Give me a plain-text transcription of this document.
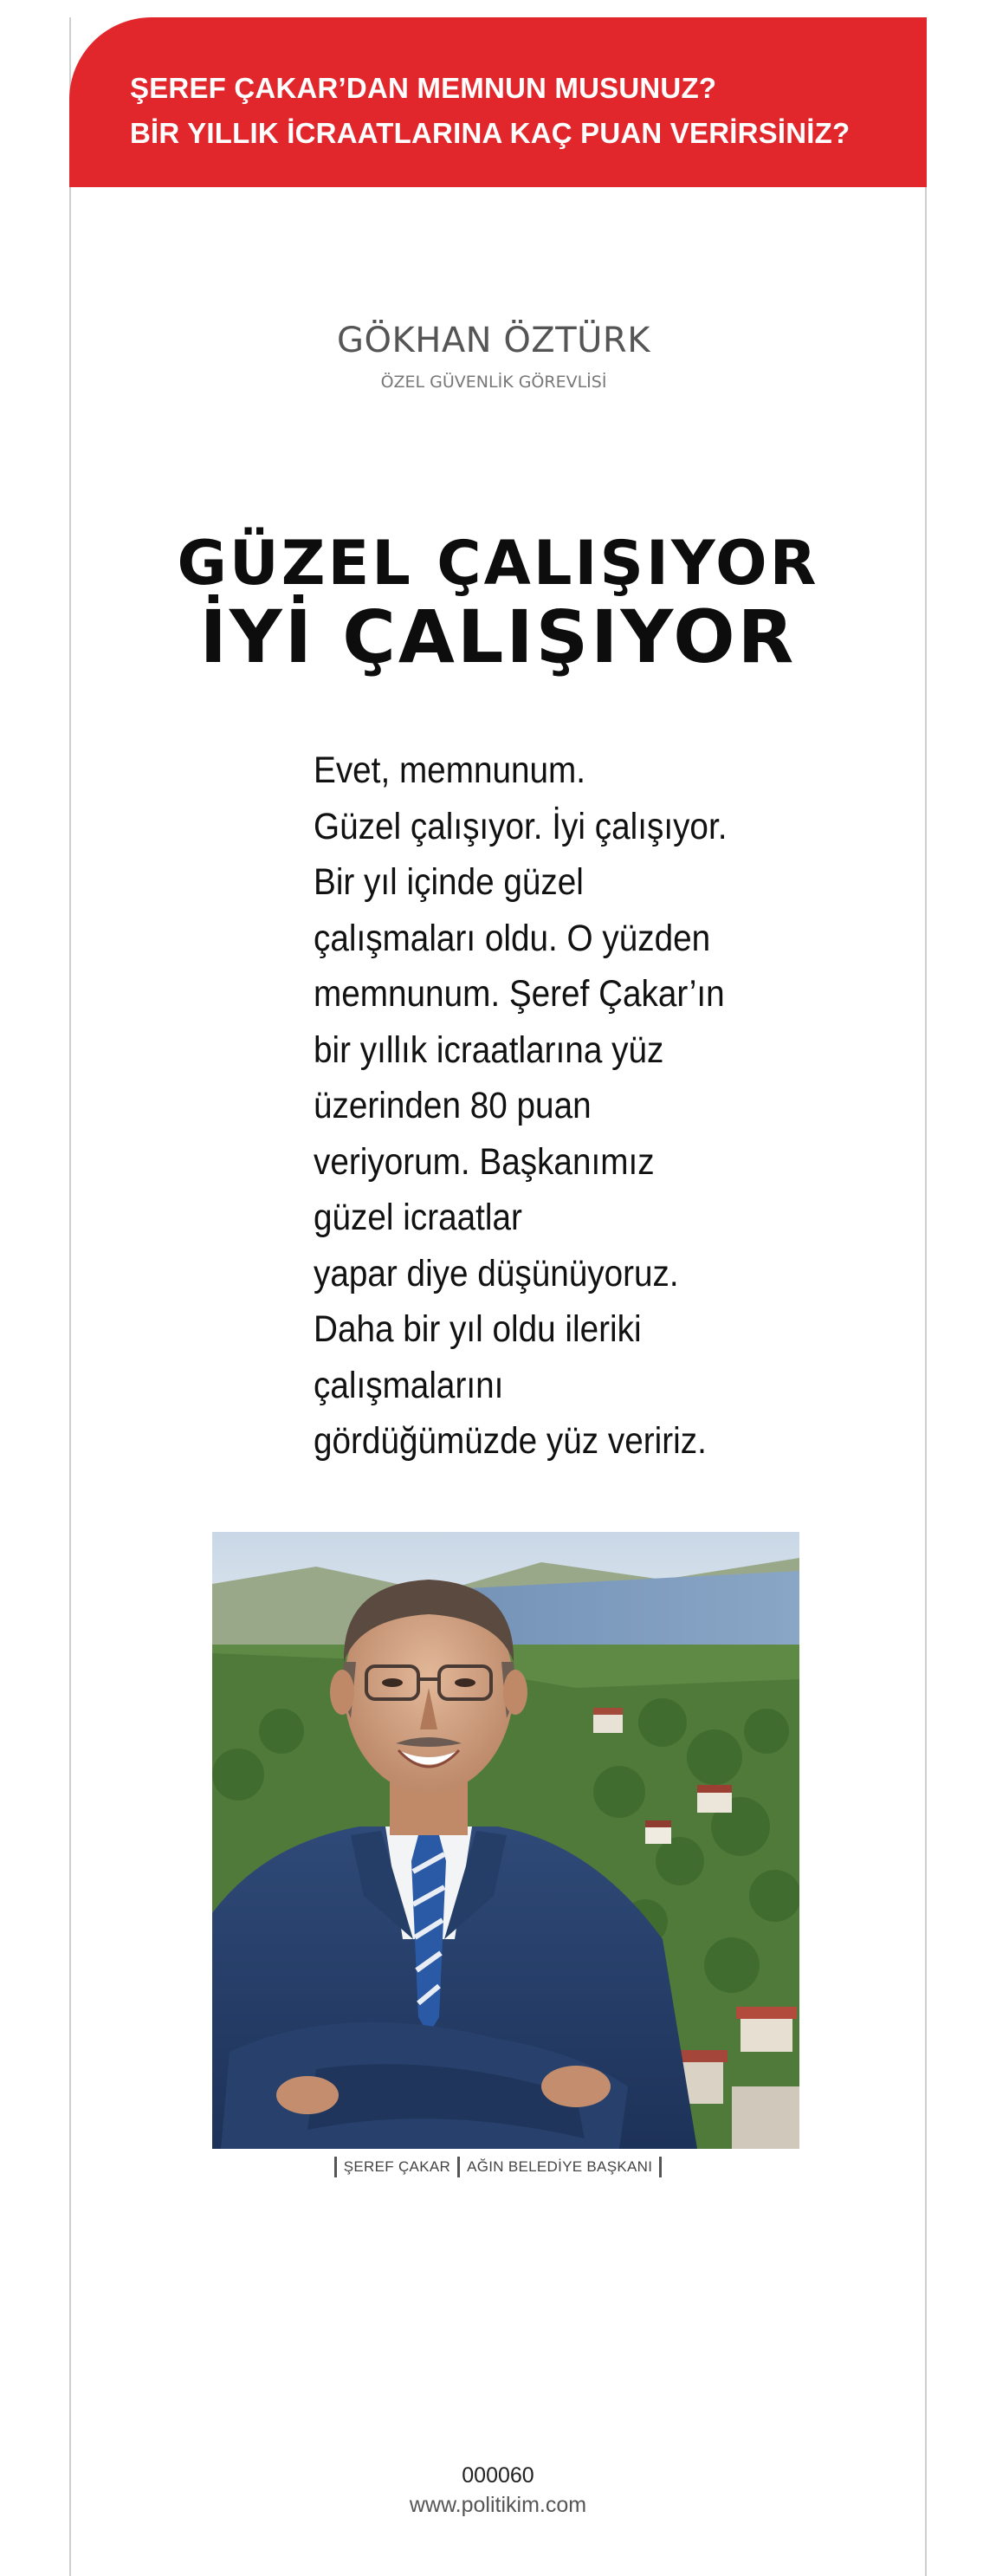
ŞEREF ÇAKAR’DAN MEMNUN MUSUNUZ?
BİR YILLIK İCRAATLARINA KAÇ PUAN VERİRSİNİZ?
GÖKHAN ÖZTÜRK
ÖZEL GÜVENLİK GÖREVLİSİ
GÜZEL ÇALIŞIYOR
İYİ ÇALIŞIYOR
Evet, memnunum.
Güzel çalışıyor. İyi çalışıyor.
Bir yıl içinde güzel
çalışmaları oldu. O yüzden
memnunum. Şeref Çakar’ın
bir yıllık icraatlarına yüz
üzerinden 80 puan
veriyorum. Başkanımız
güzel icraatlar
yapar diye düşünüyoruz.
Daha bir yıl oldu ileriki
çalışmalarını
gördüğümüzde yüz veririz.
ŞEREF ÇAKAR AĞIN BELEDİYE BAŞKANI
000060
www.politikim.com
